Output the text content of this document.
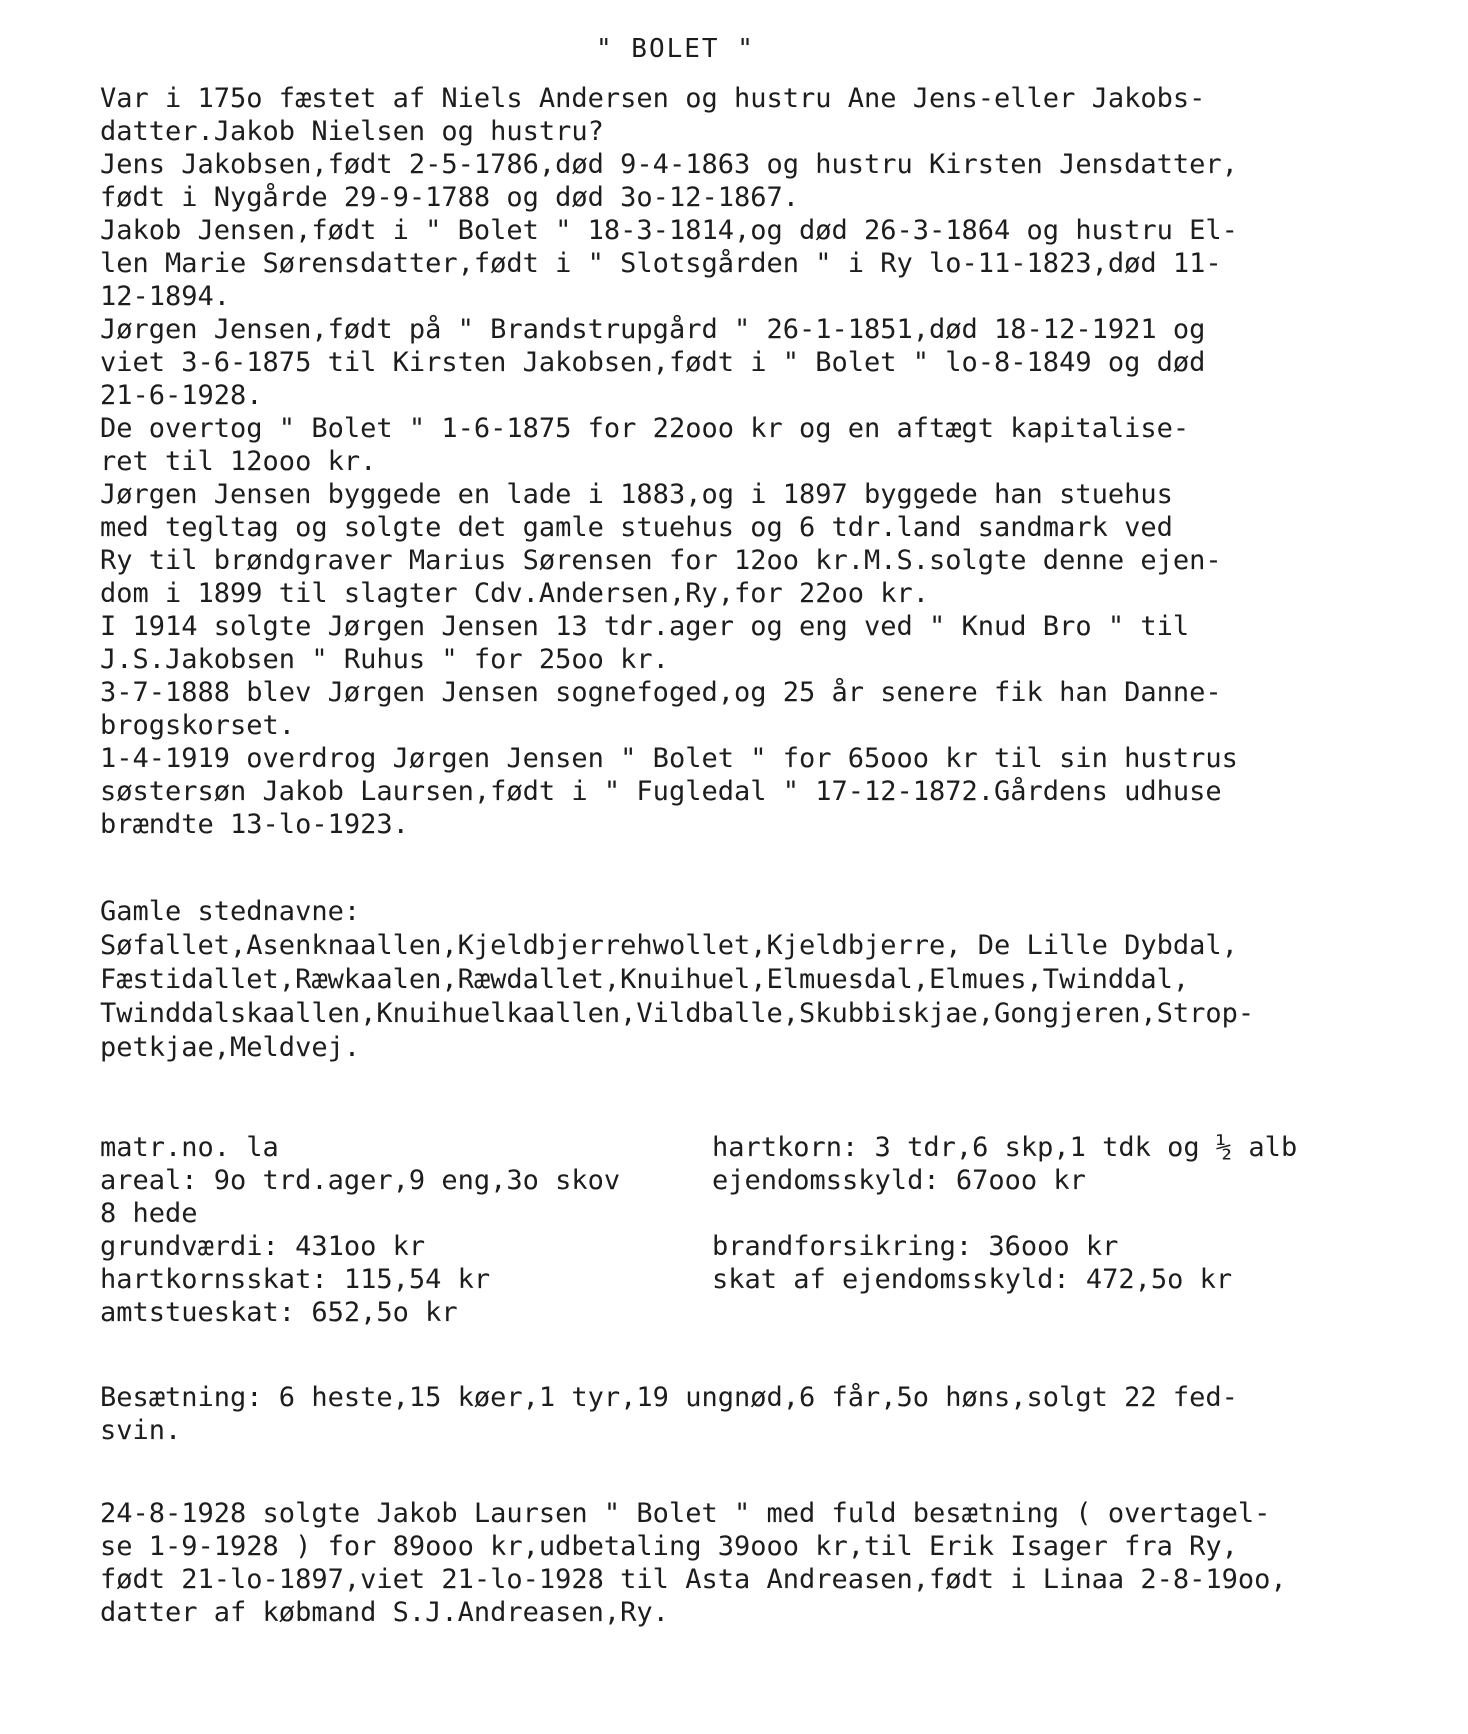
" BOLET "
Var i 175o fæstet af Niels Andersen og hustru Ane Jens-eller Jakobs-
datter.Jakob Nielsen og hustru?
Jens Jakobsen,født 2-5-1786,død 9-4-1863 og hustru Kirsten Jensdatter,
født i Nygårde 29-9-1788 og død 3o-12-1867.
Jakob Jensen,født i " Bolet " 18-3-1814,og død 26-3-1864 og hustru El-
len Marie Sørensdatter,født i " Slotsgården " i Ry lo-11-1823,død 11-
12-1894.
Jørgen Jensen,født på " Brandstrupgård " 26-1-1851,død 18-12-1921 og
viet 3-6-1875 til Kirsten Jakobsen,født i " Bolet " lo-8-1849 og død
21-6-1928.
De overtog " Bolet " 1-6-1875 for 22ooo kr og en aftægt kapitalise-
ret til 12ooo kr.
Jørgen Jensen byggede en lade i 1883,og i 1897 byggede han stuehus
med tegltag og solgte det gamle stuehus og 6 tdr.land sandmark ved
Ry til brøndgraver Marius Sørensen for 12oo kr.M.S.solgte denne ejen-
dom i 1899 til slagter Cdv.Andersen,Ry,for 22oo kr.
I 1914 solgte Jørgen Jensen 13 tdr.ager og eng ved " Knud Bro " til
J.S.Jakobsen " Ruhus " for 25oo kr.
3-7-1888 blev Jørgen Jensen sognefoged,og 25 år senere fik han Danne-
brogskorset.
1-4-1919 overdrog Jørgen Jensen " Bolet " for 65ooo kr til sin hustrus
søstersøn Jakob Laursen,født i " Fugledal " 17-12-1872.Gårdens udhuse
brændte 13-lo-1923.
Gamle stednavne:
Søfallet,Asenknaallen,Kjeldbjerrehwollet,Kjeldbjerre, De Lille Dybdal,
Fæstidallet,Ræwkaalen,Ræwdallet,Knuihuel,Elmuesdal,Elmues,Twinddal,
Twinddalskaallen,Knuihuelkaallen,Vildballe,Skubbiskjae,Gongjeren,Strop-
petkjae,Meldvej.
matr.no. la
areal: 9o trd.ager,9 eng,3o skov
8 hede
grundværdi: 431oo kr
hartkornsskat: 115,54 kr
amtstueskat: 652,5o kr
hartkorn: 3 tdr,6 skp,1 tdk og ½ alb
ejendomsskyld: 67ooo kr
brandforsikring: 36ooo kr
skat af ejendomsskyld: 472,5o kr
Besætning: 6 heste,15 køer,1 tyr,19 ungnød,6 får,5o høns,solgt 22 fed-
svin.
24-8-1928 solgte Jakob Laursen " Bolet " med fuld besætning ( overtagel-
se 1-9-1928 ) for 89ooo kr,udbetaling 39ooo kr,til Erik Isager fra Ry,
født 21-lo-1897,viet 21-lo-1928 til Asta Andreasen,født i Linaa 2-8-19oo,
datter af købmand S.J.Andreasen,Ry.
